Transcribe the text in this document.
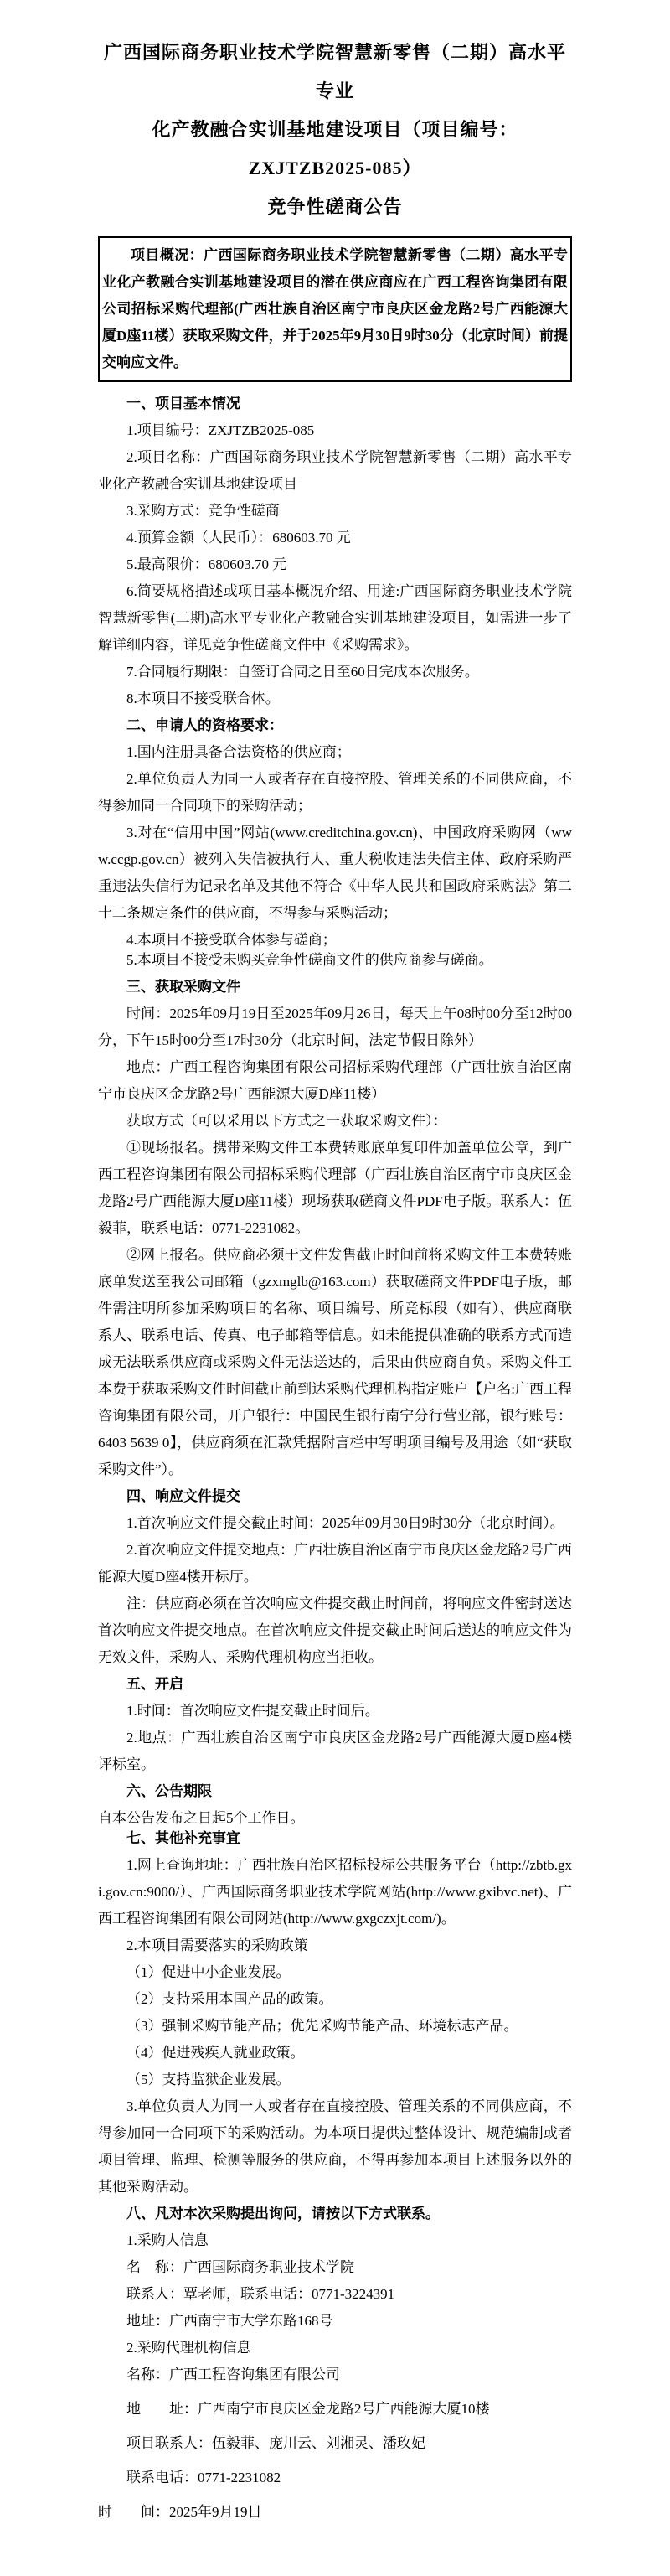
广西国际商务职业技术学院智慧新零售（二期）高水平专业
化产教融合实训基地建设项目（项目编号：ZXJTZB2025-085）
竞争性磋商公告

项目概况：广西国际商务职业技术学院智慧新零售（二期）高水平专业化产教融合实训基地建设项目的潜在供应商应在广西工程咨询集团有限公司招标采购代理部(广西壮族自治区南宁市良庆区金龙路2号广西能源大厦D座11楼）获取采购文件，并于2025年9月30日9时30分（北京时间）前提交响应文件。

一、项目基本情况

1.项目编号：ZXJTZB2025-085

2.项目名称：广西国际商务职业技术学院智慧新零售（二期）高水平专业化产教融合实训基地建设项目

3.采购方式：竞争性磋商

4.预算金额（人民币）：680603.70 元

5.最高限价：680603.70 元

6.简要规格描述或项目基本概况介绍、用途:广西国际商务职业技术学院智慧新零售(二期)高水平专业化产教融合实训基地建设项目，如需进一步了解详细内容，详见竞争性磋商文件中《采购需求》。

7.合同履行期限：自签订合同之日至60日完成本次服务。

8.本项目不接受联合体。

二、申请人的资格要求：

1.国内注册具备合法资格的供应商；

2.单位负责人为同一人或者存在直接控股、管理关系的不同供应商，不得参加同一合同项下的采购活动；

3.对在“信用中国”网站(www.creditchina.gov.cn)、中国政府采购网（www.ccgp.gov.cn）被列入失信被执行人、重大税收违法失信主体、政府采购严重违法失信行为记录名单及其他不符合《中华人民共和国政府采购法》第二十二条规定条件的供应商，不得参与采购活动；

4.本项目不接受联合体参与磋商；

5.本项目不接受未购买竞争性磋商文件的供应商参与磋商。

三、获取采购文件

时间：2025年09月19日至2025年09月26日，每天上午08时00分至12时00分，下午15时00分至17时30分（北京时间，法定节假日除外）

地点：广西工程咨询集团有限公司招标采购代理部（广西壮族自治区南宁市良庆区金龙路2号广西能源大厦D座11楼）

获取方式（可以采用以下方式之一获取采购文件）：

①现场报名。携带采购文件工本费转账底单复印件加盖单位公章，到广西工程咨询集团有限公司招标采购代理部（广西壮族自治区南宁市良庆区金龙路2号广西能源大厦D座11楼）现场获取磋商文件PDF电子版。联系人：伍毅菲，联系电话：0771-2231082。

②网上报名。供应商必须于文件发售截止时间前将采购文件工本费转账底单发送至我公司邮箱（gzxmglb@163.com）获取磋商文件PDF电子版，邮件需注明所参加采购项目的名称、项目编号、所竞标段（如有）、供应商联系人、联系电话、传真、电子邮箱等信息。如未能提供准确的联系方式而造成无法联系供应商或采购文件无法送达的，后果由供应商自负。采购文件工本费于获取采购文件时间截止前到达采购代理机构指定账户【户名:广西工程咨询集团有限公司，开户银行：中国民生银行南宁分行营业部，银行账号：6403 5639 0】，供应商须在汇款凭据附言栏中写明项目编号及用途（如“获取采购文件”）。

四、响应文件提交

1.首次响应文件提交截止时间：2025年09月30日9时30分（北京时间）。

2.首次响应文件提交地点：广西壮族自治区南宁市良庆区金龙路2号广西能源大厦D座4楼开标厅。

注：供应商必须在首次响应文件提交截止时间前，将响应文件密封送达首次响应文件提交地点。在首次响应文件提交截止时间后送达的响应文件为无效文件，采购人、采购代理机构应当拒收。

五、开启

1.时间：首次响应文件提交截止时间后。

2.地点：广西壮族自治区南宁市良庆区金龙路2号广西能源大厦D座4楼评标室。

六、公告期限

自本公告发布之日起5个工作日。

七、其他补充事宜

1.网上查询地址：广西壮族自治区招标投标公共服务平台（http://zbtb.gxi.gov.cn:9000/）、广西国际商务职业技术学院网站(http://www.gxibvc.net)、广西工程咨询集团有限公司网站(http://www.gxgczxjt.com/)。

2.本项目需要落实的采购政策

（1）促进中小企业发展。

（2）支持采用本国产品的政策。

（3）强制采购节能产品；优先采购节能产品、环境标志产品。

（4）促进残疾人就业政策。

（5）支持监狱企业发展。

3.单位负责人为同一人或者存在直接控股、管理关系的不同供应商，不得参加同一合同项下的采购活动。为本项目提供过整体设计、规范编制或者项目管理、监理、检测等服务的供应商，不得再参加本项目上述服务以外的其他采购活动。

八、凡对本次采购提出询问，请按以下方式联系。

1.采购人信息

名　称：广西国际商务职业技术学院

联系人：覃老师，联系电话：0771-3224391

地址：广西南宁市大学东路168号

2.采购代理机构信息

名称：广西工程咨询集团有限公司

地　　址：广西南宁市良庆区金龙路2号广西能源大厦10楼

项目联系人：伍毅菲、庞川云、刘湘灵、潘玫妃

联系电话：0771-2231082

时　　间：2025年9月19日
